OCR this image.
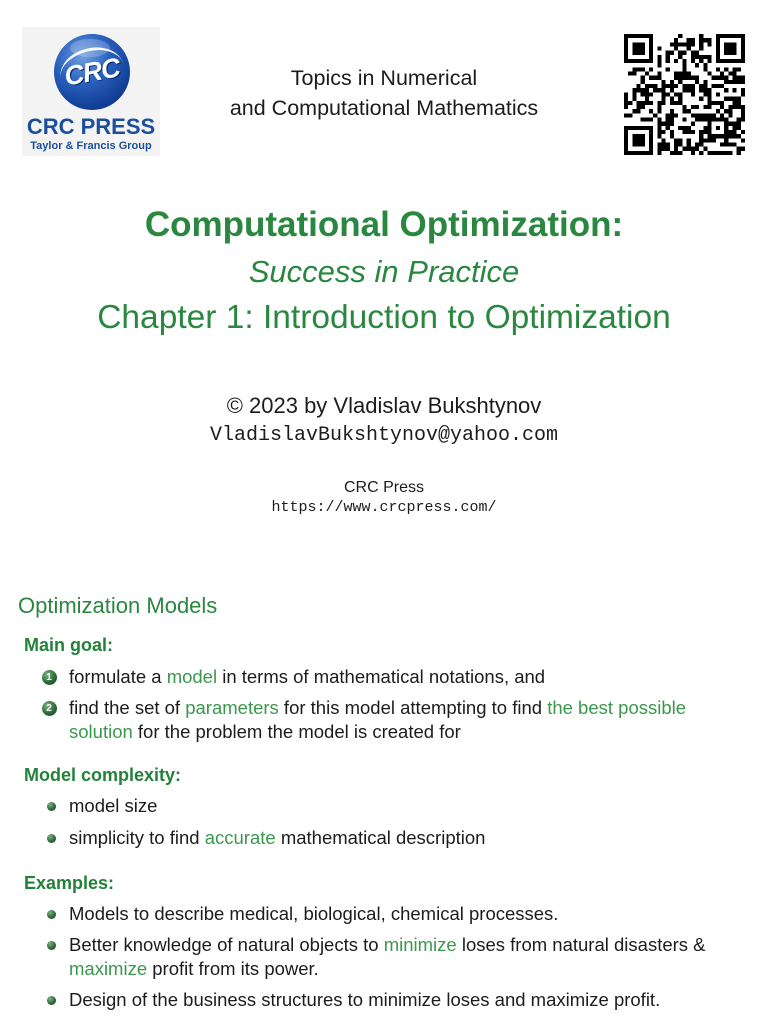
CRC
CRC PRESS
Taylor & Francis Group
Topics in Numerical
and Computational Mathematics
Computational Optimization:
Success in Practice
Chapter 1: Introduction to Optimization
© 2023 by Vladislav Bukshtynov
VladislavBukshtynov@yahoo.com
CRC Press
https://www.crcpress.com/
Optimization Models
Main goal:
1 formulate a model in terms of mathematical notations, and
2 find the set of parameters for this model attempting to find the best possible solution for the problem the model is created for
Model complexity:
model size
simplicity to find accurate mathematical description
Examples:
Models to describe medical, biological, chemical processes.
Better knowledge of natural objects to minimize loses from natural disasters & maximize profit from its power.
Design of the business structures to minimize loses and maximize profit.
